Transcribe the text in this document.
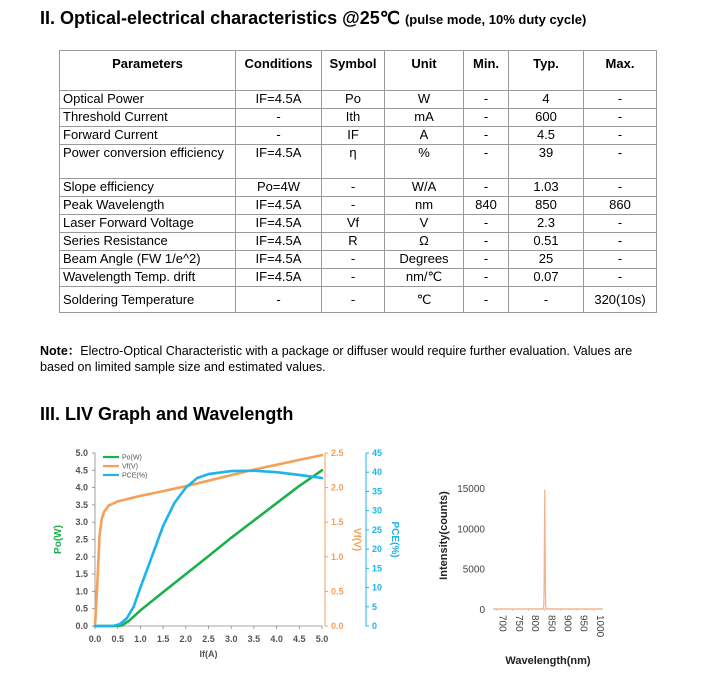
II. Optical-electrical characteristics @25℃ (pulse mode, 10% duty cycle)
Parameters	Conditions	Symbol	Unit	Min.	Typ.	Max.
Optical Power	IF=4.5A	Po	W	-	4	-
Threshold Current	-	Ith	mA	-	600	-
Forward Current	-	IF	A	-	4.5	-
Power conversion efficiency	IF=4.5A	η	%	-	39	-
Slope efficiency	Po=4W	-	W/A	-	1.03	-
Peak Wavelength	IF=4.5A	-	nm	840	850	860
Laser Forward Voltage	IF=4.5A	Vf	V	-	2.3	-
Series Resistance	IF=4.5A	R	Ω	-	0.51	-
Beam Angle (FW 1/e^2)	IF=4.5A	-	Degrees	-	25	-
Wavelength Temp. drift	IF=4.5A	-	nm/℃	-	0.07	-
Soldering Temperature	-	-	℃	-	-	320(10s)
Note：Electro-Optical Characteristic with a package or diffuser would require further evaluation. Values are based on limited sample size and estimated values.
III. LIV Graph and Wavelength
0.0 0.5 1.0 1.5 2.0 2.5 3.0 3.5 4.0 4.5 5.0
If(A)
0.0
0.5
1.0
1.5
2.0
2.5
3.0
3.5
4.0
4.5
5.0
Po(W)
0.0
0.5
1.0
1.5
2.0
2.5
Vf(V)
0
5
10
15
20
25
30
35
40
45
PCE(%)
Po(W)
Vf(V)
PCE(%)
0
5000
10000
15000
Intensity(counts)
700 750 800 850 900 950 1000
Wavelength(nm)
